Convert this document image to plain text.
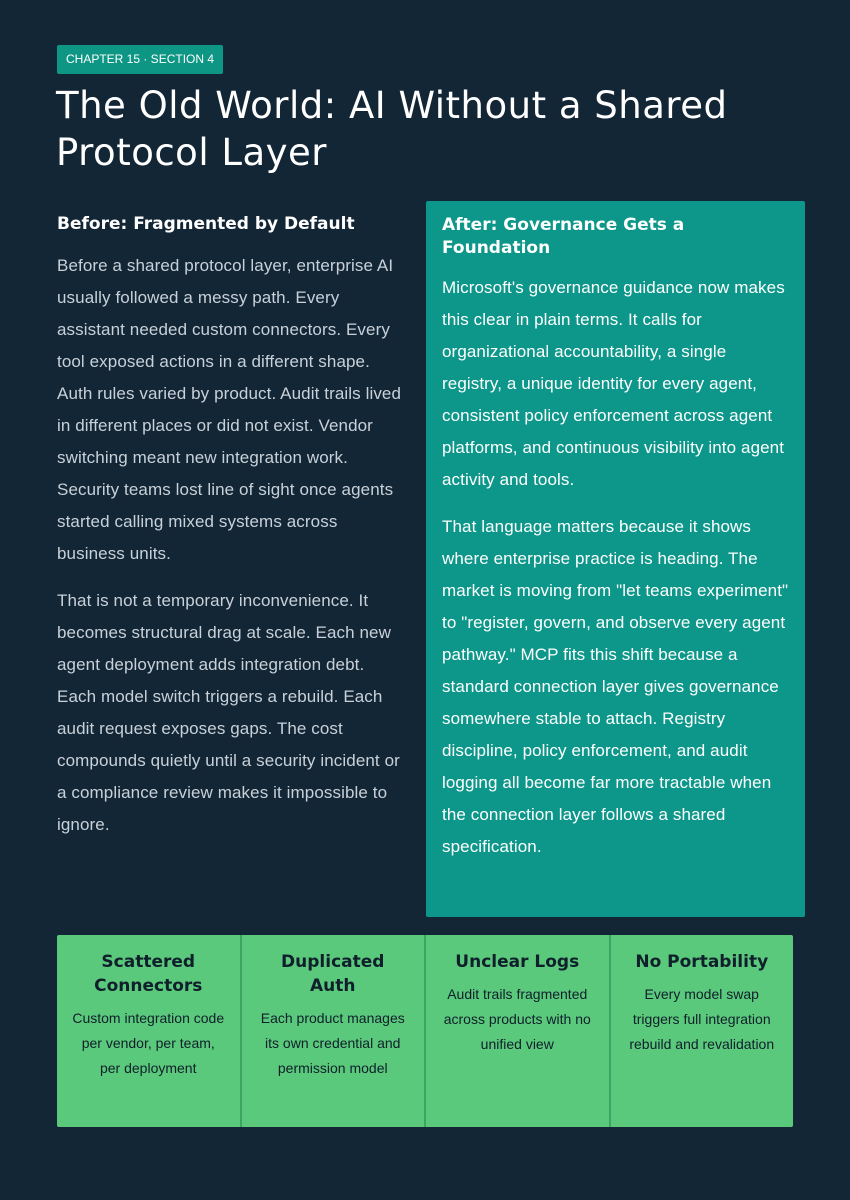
CHAPTER 15 · SECTION 4
The Old World: AI Without a Shared Protocol Layer
Before: Fragmented by Default

Before a shared protocol layer, enterprise AI usually followed a messy path. Every assistant needed custom connectors. Every tool exposed actions in a different shape. Auth rules varied by product. Audit trails lived in different places or did not exist. Vendor switching meant new integration work. Security teams lost line of sight once agents started calling mixed systems across business units.

That is not a temporary inconvenience. It becomes structural drag at scale. Each new agent deployment adds integration debt. Each model switch triggers a rebuild. Each audit request exposes gaps. The cost compounds quietly until a security incident or a compliance review makes it impossible to ignore.

After: Governance Gets a Foundation

Microsoft's governance guidance now makes this clear in plain terms. It calls for organizational accountability, a single registry, a unique identity for every agent, consistent policy enforcement across agent platforms, and continuous visibility into agent activity and tools.

That language matters because it shows where enterprise practice is heading. The market is moving from "let teams experiment" to "register, govern, and observe every agent pathway." MCP fits this shift because a standard connection layer gives governance somewhere stable to attach. Registry discipline, policy enforcement, and audit logging all become far more tractable when the connection layer follows a shared specification.

Scattered Connectors

Custom integration code per vendor, per team, per deployment

Duplicated Auth

Each product manages its own credential and permission model

Unclear Logs

Audit trails fragmented across products with no unified view

No Portability

Every model swap triggers full integration rebuild and revalidation
